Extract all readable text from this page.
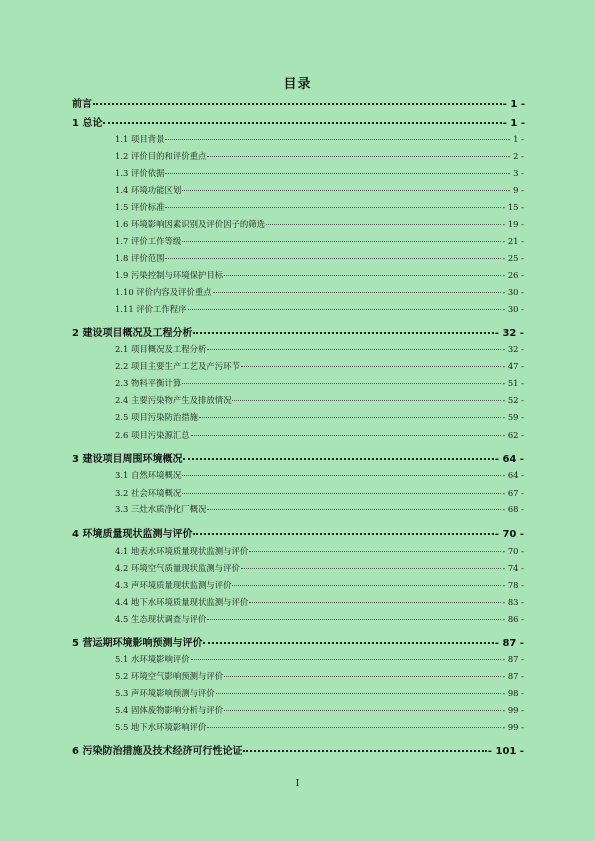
目录
前言	- 1 -
1 总论	- 1 -
1.1 项目背景	- 1 -
1.2 评价目的和评价重点	- 2 -
1.3 评价依据	- 3 -
1.4 环境功能区划	- 9 -
1.5 评价标准	- 15 -
1.6 环境影响因素识别及评价因子的筛选	- 19 -
1.7 评价工作等级	- 21 -
1.8 评价范围	- 25 -
1.9 污染控制与环境保护目标	- 26 -
1.10 评价内容及评价重点	- 30 -
1.11 评价工作程序	- 30 -
2 建设项目概况及工程分析	- 32 -
2.1 项目概况及工程分析	- 32 -
2.2 项目主要生产工艺及产污环节	- 47 -
2.3 物料平衡计算	- 51 -
2.4 主要污染物产生及排放情况	- 52 -
2.5 项目污染防治措施	- 59 -
2.6 项目污染源汇总	- 62 -
3 建设项目周围环境概况	- 64 -
3.1 自然环境概况	- 64 -
3.2 社会环境概况	- 67 -
3.3 三灶水质净化厂概况	- 68 -
4 环境质量现状监测与评价	- 70 -
4.1 地表水环境质量现状监测与评价	- 70 -
4.2 环境空气质量现状监测与评价	- 74 -
4.3 声环境质量现状监测与评价	- 78 -
4.4 地下水环境质量现状监测与评价	- 83 -
4.5 生态现状调查与评价	- 86 -
5 营运期环境影响预测与评价	- 87 -
5.1 水环境影响评价	- 87 -
5.2 环境空气影响预测与评价	- 87 -
5.3 声环境影响预测与评价	- 98 -
5.4 固体废物影响分析与评价	- 99 -
5.5 地下水环境影响评价	- 99 -
6 污染防治措施及技术经济可行性论证	- 101 -
I
